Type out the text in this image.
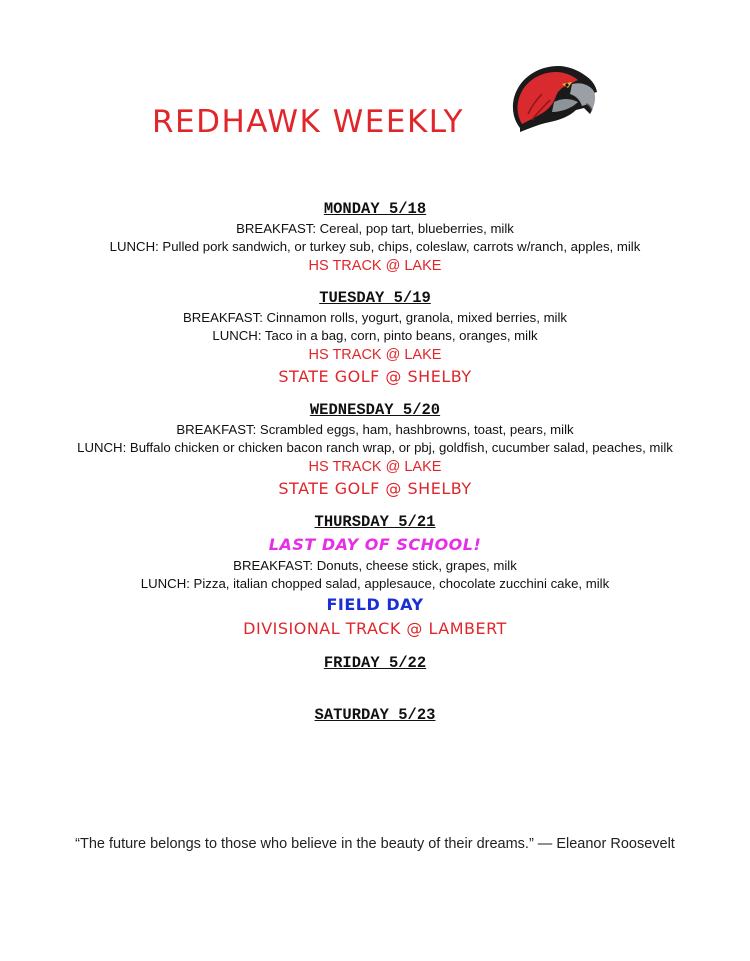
REDHAWK WEEKLY
MONDAY 5/18
BREAKFAST: Cereal, pop tart, blueberries, milk
LUNCH: Pulled pork sandwich, or turkey sub, chips, coleslaw, carrots w/ranch, apples, milk
HS TRACK @ LAKE
TUESDAY 5/19
BREAKFAST: Cinnamon rolls, yogurt, granola, mixed berries, milk
LUNCH: Taco in a bag, corn, pinto beans, oranges, milk
HS TRACK @ LAKE
STATE GOLF @ SHELBY
WEDNESDAY 5/20
BREAKFAST: Scrambled eggs, ham, hashbrowns, toast, pears, milk
LUNCH: Buffalo chicken or chicken bacon ranch wrap, or pbj, goldfish, cucumber salad, peaches, milk
HS TRACK @ LAKE
STATE GOLF @ SHELBY
THURSDAY 5/21
LAST DAY OF SCHOOL!
BREAKFAST: Donuts, cheese stick, grapes, milk
LUNCH: Pizza, italian chopped salad, applesauce, chocolate zucchini cake, milk
FIELD DAY
DIVISIONAL TRACK @ LAMBERT
FRIDAY 5/22
SATURDAY 5/23
“The future belongs to those who believe in the beauty of their dreams.” — Eleanor Roosevelt
